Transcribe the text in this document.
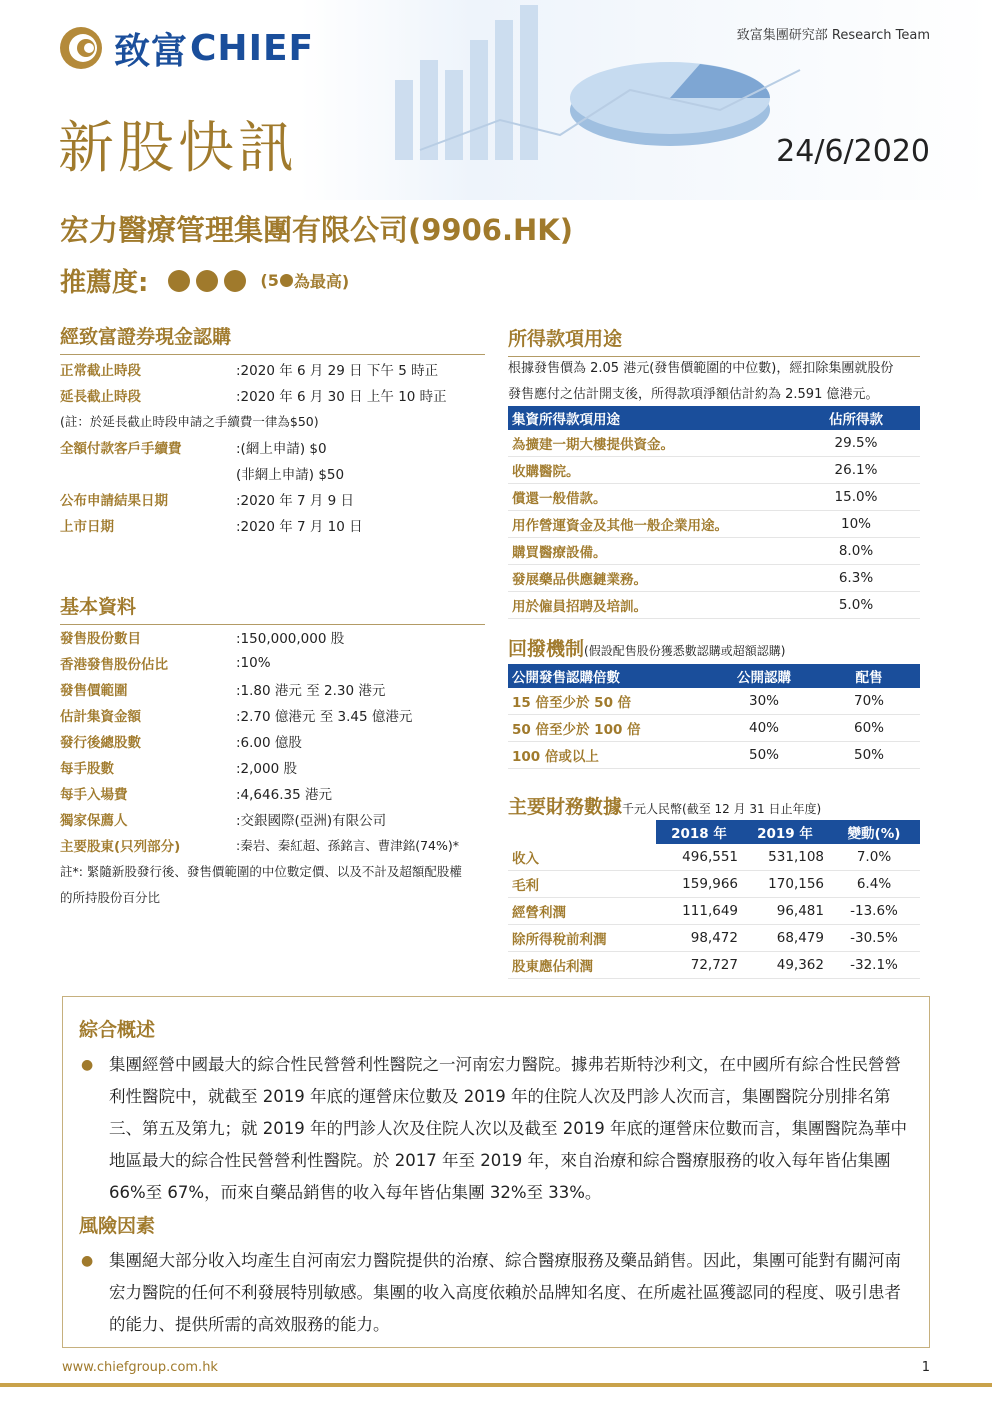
致富 CHIEF	致富集團研究部 Research Team
新股快訊	24/6/2020
宏力醫療管理集團有限公司(9906.HK)
推薦度:	(5 為最高)
經致富證券現金認購
正常截止時段	:2020 年 6 月 29 日 下午 5 時正
延長截止時段	:2020 年 6 月 30 日 上午 10 時正
(註：於延長截止時段申請之手續費一律為$50)
全額付款客戶手續費	:(網上申請) $0
(非網上申請) $50
公布申請結果日期	:2020 年 7 月 9 日
上市日期	:2020 年 7 月 10 日
基本資料
發售股份數目	:150,000,000 股
香港發售股份佔比	:10%
發售價範圍	:1.80 港元 至 2.30 港元
估計集資金額	:2.70 億港元 至 3.45 億港元
發行後總股數	:6.00 億股
每手股數	:2,000 股
每手入場費	:4,646.35 港元
獨家保薦人	:交銀國際(亞洲)有限公司
主要股東(只列部分)	:秦岩、秦紅超、孫銘言、曹津銘(74%)*
註*: 緊隨新股發行後、發售價範圍的中位數定價、以及不計及超額配股權
的所持股份百分比
所得款項用途
根據發售價為 2.05 港元(發售價範圍的中位數)，經扣除集團就股份
發售應付之估計開支後，所得款項淨額估計約為 2.591 億港元。
集資所得款項用途	佔所得款
為擴建一期大樓提供資金。	29.5%
收購醫院。	26.1%
償還一般借款。	15.0%
用作營運資金及其他一般企業用途。	10%
購買醫療設備。	8.0%
發展藥品供應鏈業務。	6.3%
用於僱員招聘及培訓。	5.0%
回撥機制(假設配售股份獲悉數認購或超額認購)
公開發售認購倍數	公開認購	配售
15 倍至少於 50 倍	30%	70%
50 倍至少於 100 倍	40%	60%
100 倍或以上	50%	50%
主要財務數據千元人民幣(截至 12 月 31 日止年度)
	2018 年	2019 年	變動(%)
收入	496,551	531,108	7.0%
毛利	159,966	170,156	6.4%
經營利潤	111,649	96,481	-13.6%
除所得稅前利潤	98,472	68,479	-30.5%
股東應佔利潤	72,727	49,362	-32.1%
綜合概述
● 集團經營中國最大的綜合性民營營利性醫院之一河南宏力醫院。據弗若斯特沙利文，在中國所有綜合性民營營利性醫院中，就截至 2019 年底的運營床位數及 2019 年的住院人次及門診人次而言，集團醫院分別排名第三、第五及第九；就 2019 年的門診人次及住院人次以及截至 2019 年底的運營床位數而言，集團醫院為華中地區最大的綜合性民營營利性醫院。於 2017 年至 2019 年，來自治療和綜合醫療服務的收入每年皆佔集團 66%至 67%，而來自藥品銷售的收入每年皆佔集團 32%至 33%。
風險因素
● 集團絕大部分收入均產生自河南宏力醫院提供的治療、綜合醫療服務及藥品銷售。因此，集團可能對有關河南宏力醫院的任何不利發展特別敏感。集團的收入高度依賴於品牌知名度、在所處社區獲認同的程度、吸引患者的能力、提供所需的高效服務的能力。
www.chiefgroup.com.hk	1
